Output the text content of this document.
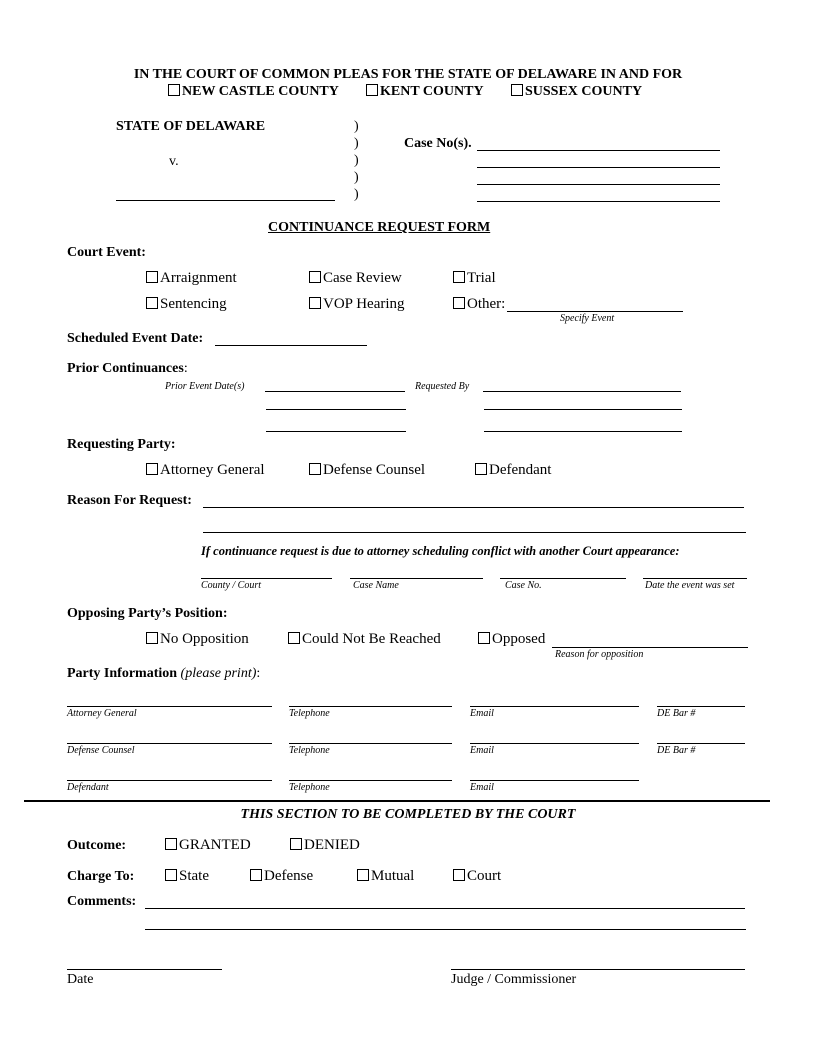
IN THE COURT OF COMMON PLEAS FOR THE STATE OF DELAWARE IN AND FOR
NEW CASTLE COUNTY	KENT COUNTY	SUSSEX COUNTY
STATE OF DELAWARE
v.
)
)
)
)
)
Case No(s).
CONTINUANCE REQUEST FORM
Court Event:
Arraignment	Case Review	Trial
Sentencing	VOP Hearing	Other:
Specify Event
Scheduled Event Date:
Prior Continuances:
Prior Event Date(s)	Requested By
Requesting Party:
Attorney General	Defense Counsel	Defendant
Reason For Request:
If continuance request is due to attorney scheduling conflict with another Court appearance:
County / Court	Case Name	Case No.	Date the event was set
Opposing Party’s Position:
No Opposition	Could Not Be Reached	Opposed
Reason for opposition
Party Information (please print):
Attorney General	Telephone	Email	DE Bar #
Defense Counsel	Telephone	Email	DE Bar #
Defendant	Telephone	Email
THIS SECTION TO BE COMPLETED BY THE COURT
Outcome:	GRANTED	DENIED
Charge To:	State	Defense	Mutual	Court
Comments:
Date	Judge / Commissioner
